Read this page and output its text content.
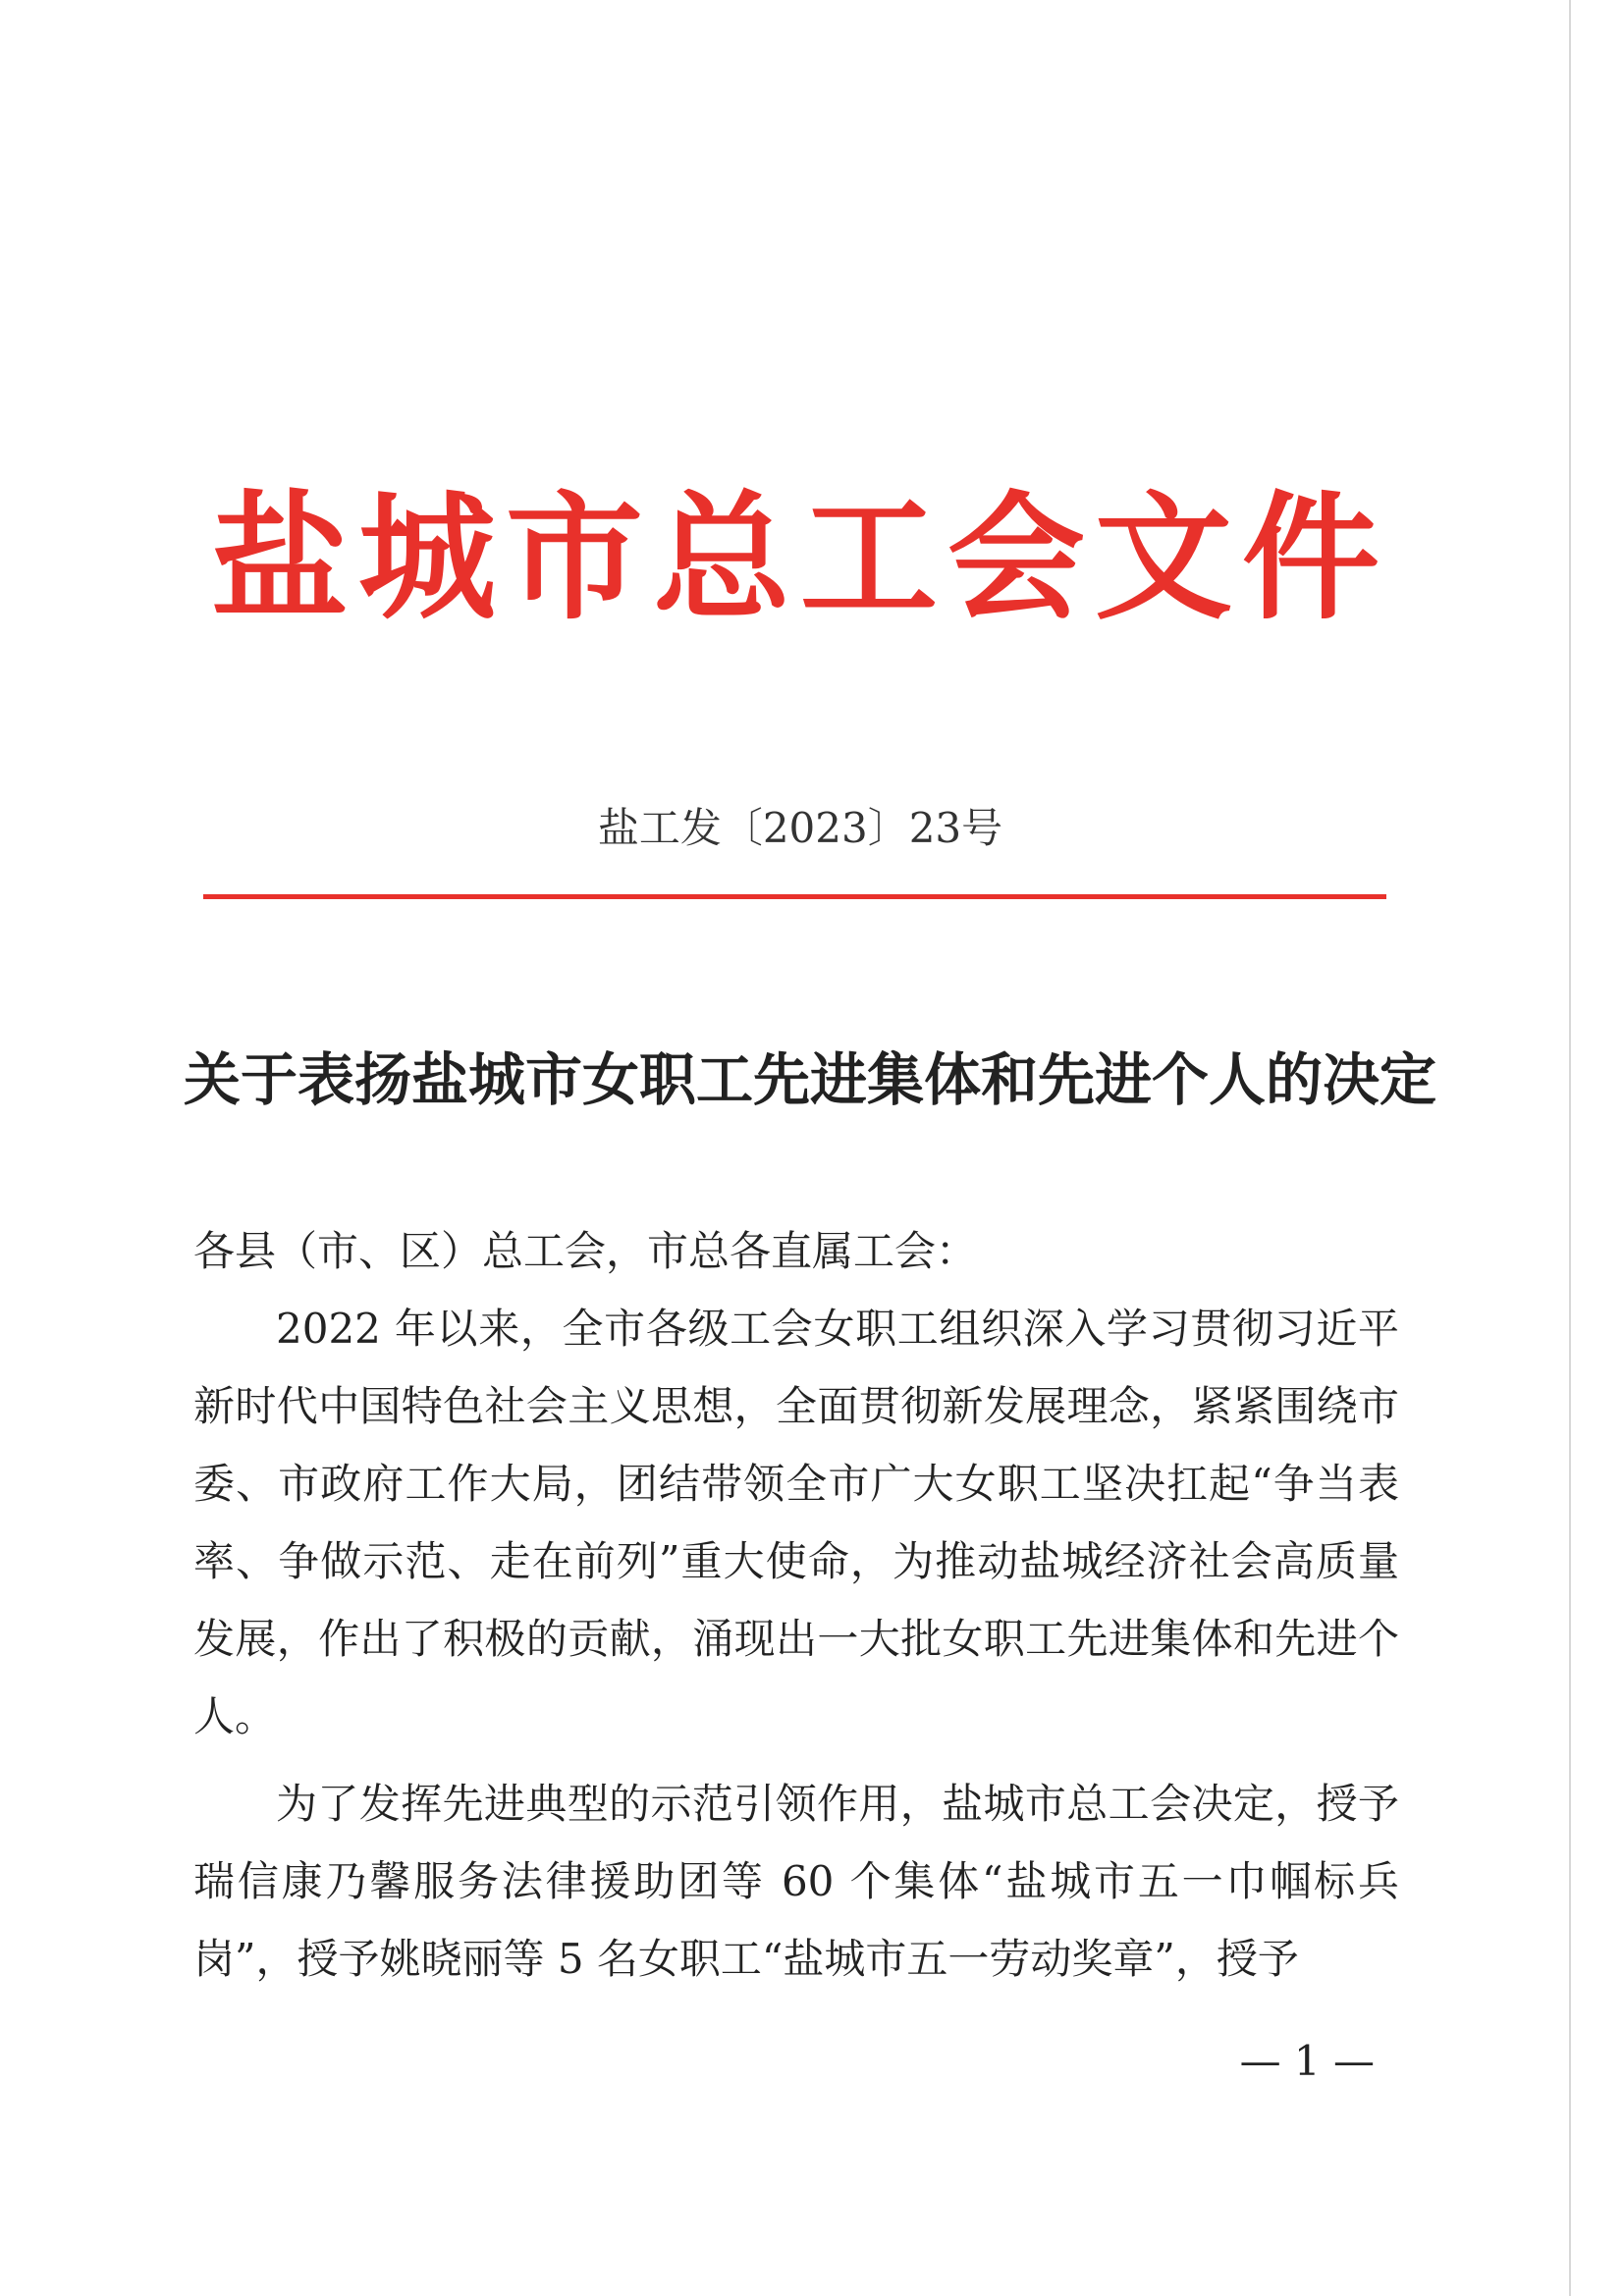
盐城市总工会文件
盐工发〔2023〕23号
关于表扬盐城市女职工先进集体和先进个人的决定

各县（市、区）总工会，市总各直属工会：

2022 年以来，全市各级工会女职工组织深入学习贯彻习近平新时代中国特色社会主义思想，全面贯彻新发展理念，紧紧围绕市委、市政府工作大局，团结带领全市广大女职工坚决扛起“争当表率、争做示范、走在前列”重大使命，为推动盐城经济社会高质量发展，作出了积极的贡献，涌现出一大批女职工先进集体和先进个人。

为了发挥先进典型的示范引领作用，盐城市总工会决定，授予瑞信康乃馨服务法律援助团等 60 个集体“盐城市五一巾帼标兵岗”，授予姚晓丽等 5 名女职工“盐城市五一劳动奖章”，授予

— 1 —
